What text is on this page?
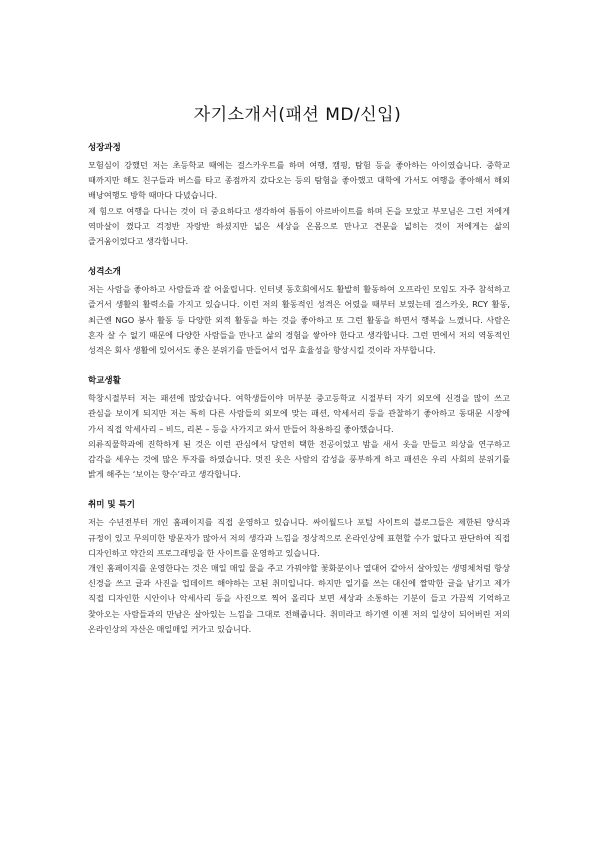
자기소개서(패션 MD/신입)
성장과정

모험심이 강했던 저는 초등학교 때에는 걸스카우트를 하며 여행, 캠핑, 탐험 등을 좋아하는 아이였습니다. 중학교 때까지만 해도 친구들과 버스를 타고 종점까지 갔다오는 등의 탐험을 좋아했고 대학에 가서도 여행을 좋아해서 해외 배낭여행도 방학 때마다 다녔습니다.

제 힘으로 여행을 다니는 것이 더 중요하다고 생각하여 틈틈이 아르바이트를 하며 돈을 모았고 부모님은 그런 저에게 역마살이 꼈다고 걱정반 자랑반 하셨지만 넓은 세상을 온몸으로 만나고 견문을 넓히는 것이 저에게는 삶의 즐거움이었다고 생각합니다.

성격소개

저는 사람을 좋아하고 사람들과 잘 어울립니다. 인터넷 동호회에서도 활발히 활동하여 오프라인 모임도 자주 참석하고 즐거서 생활의 활력소를 가지고 있습니다. 이런 저의 활동적인 성격은 어렸을 때부터 보였는데 걸스카웃, RCY 활동, 최근엔 NGO 봉사 활동 등 다양한 외적 활동을 하는 것을 좋아하고 또 그런 활동을 하면서 행복을 느꼈니다. 사람은 혼자 살 수 없기 때문에 다양한 사람들을 만나고 삶의 경험을 쌓아야 한다고 생각합니다. 그런 면에서 저의 역동적인 성격은 회사 생활에 있어서도 좋은 분위기를 만들어서 업무 효율성을 향상시킬 것이라 자부합니다.

학교생활

학창시절부터 저는 패션에 많았습니다. 여학생들이야 머부분 중고등학교 시절부터 자기 외모에 신경을 많이 쓰고 관심을 보이게 되지만 저는 특히 다른 사람들의 외모에 맞는 패션, 악세서리 등을 관찰하기 좋아하고 동대문 시장에 가서 직접 악세사리 – 비드, 리본 – 등을 사가지고 와서 만들어 착용하길 좋아했습니다.

의류직물학과에 진학하게 된 것은 이런 관심에서 당연히 택한 전공이었고 밤을 새서 옷을 만들고 의상을 연구하고 감각을 세우는 것에 많은 투자를 하였습니다. 멋진 옷은 사람의 감성을 풍부하게 하고 패션은 우리 사회의 분위기를 밝게 해주는 ‘보이는 향수’라고 생각합니다.

취미 및 특기

저는 수년전부터 개인 홈페이지를 직접 운영하고 있습니다. 싸이월드나 포털 사이트의 블로그들은 제한된 양식과 규정이 있고 무의미한 방문자가 많아서 저의 생각과 느낌을 정상적으로 온라인상에 표현할 수가 없다고 판단하여 직접 디자인하고 약간의 프로그래밍을 한 사이트를 운영하고 있습니다.

개인 홈페이지를 운영한다는 것은 매일 매일 물을 주고 가꿔야할 꽃화분이나 열대어 같아서 살아있는 생명체처럼 항상 신경을 쓰고 글과 사진을 업데이트 해야하는 고된 취미입니다. 하지만 일기를 쓰는 대신에 짤막한 글을 남기고 제가 직접 디자인한 시안이나 악세사리 등을 사진으로 찍어 올리다 보면 세상과 소통하는 기분이 들고 가끔씩 기억하고 찾아오는 사람들과의 만남은 살아있는 느낌을 그대로 전해줍니다. 취미라고 하기엔 이젠 저의 일상이 되어버린 저의 온라인상의 자산은 매일매일 커가고 있습니다.
